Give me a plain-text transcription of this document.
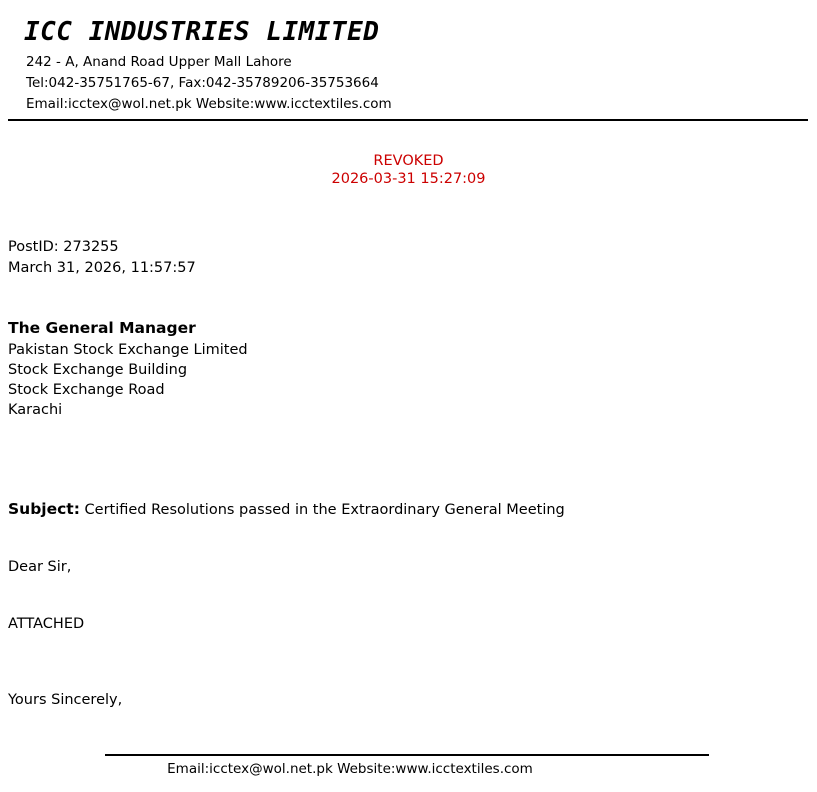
ICC INDUSTRIES LIMITED
242 - A, Anand Road Upper Mall Lahore
Tel:042-35751765-67, Fax:042-35789206-35753664
Email:icctex@wol.net.pk Website:www.icctextiles.com
REVOKED
2026-03-31 15:27:09

PostID: 273255

March 31, 2026, 11:57:57

The General Manager

Pakistan Stock Exchange Limited

Stock Exchange Building

Stock Exchange Road

Karachi

Subject: Certified Resolutions passed in the Extraordinary General Meeting

Dear Sir,

ATTACHED

Yours Sincerely,

Email:icctex@wol.net.pk Website:www.icctextiles.com
